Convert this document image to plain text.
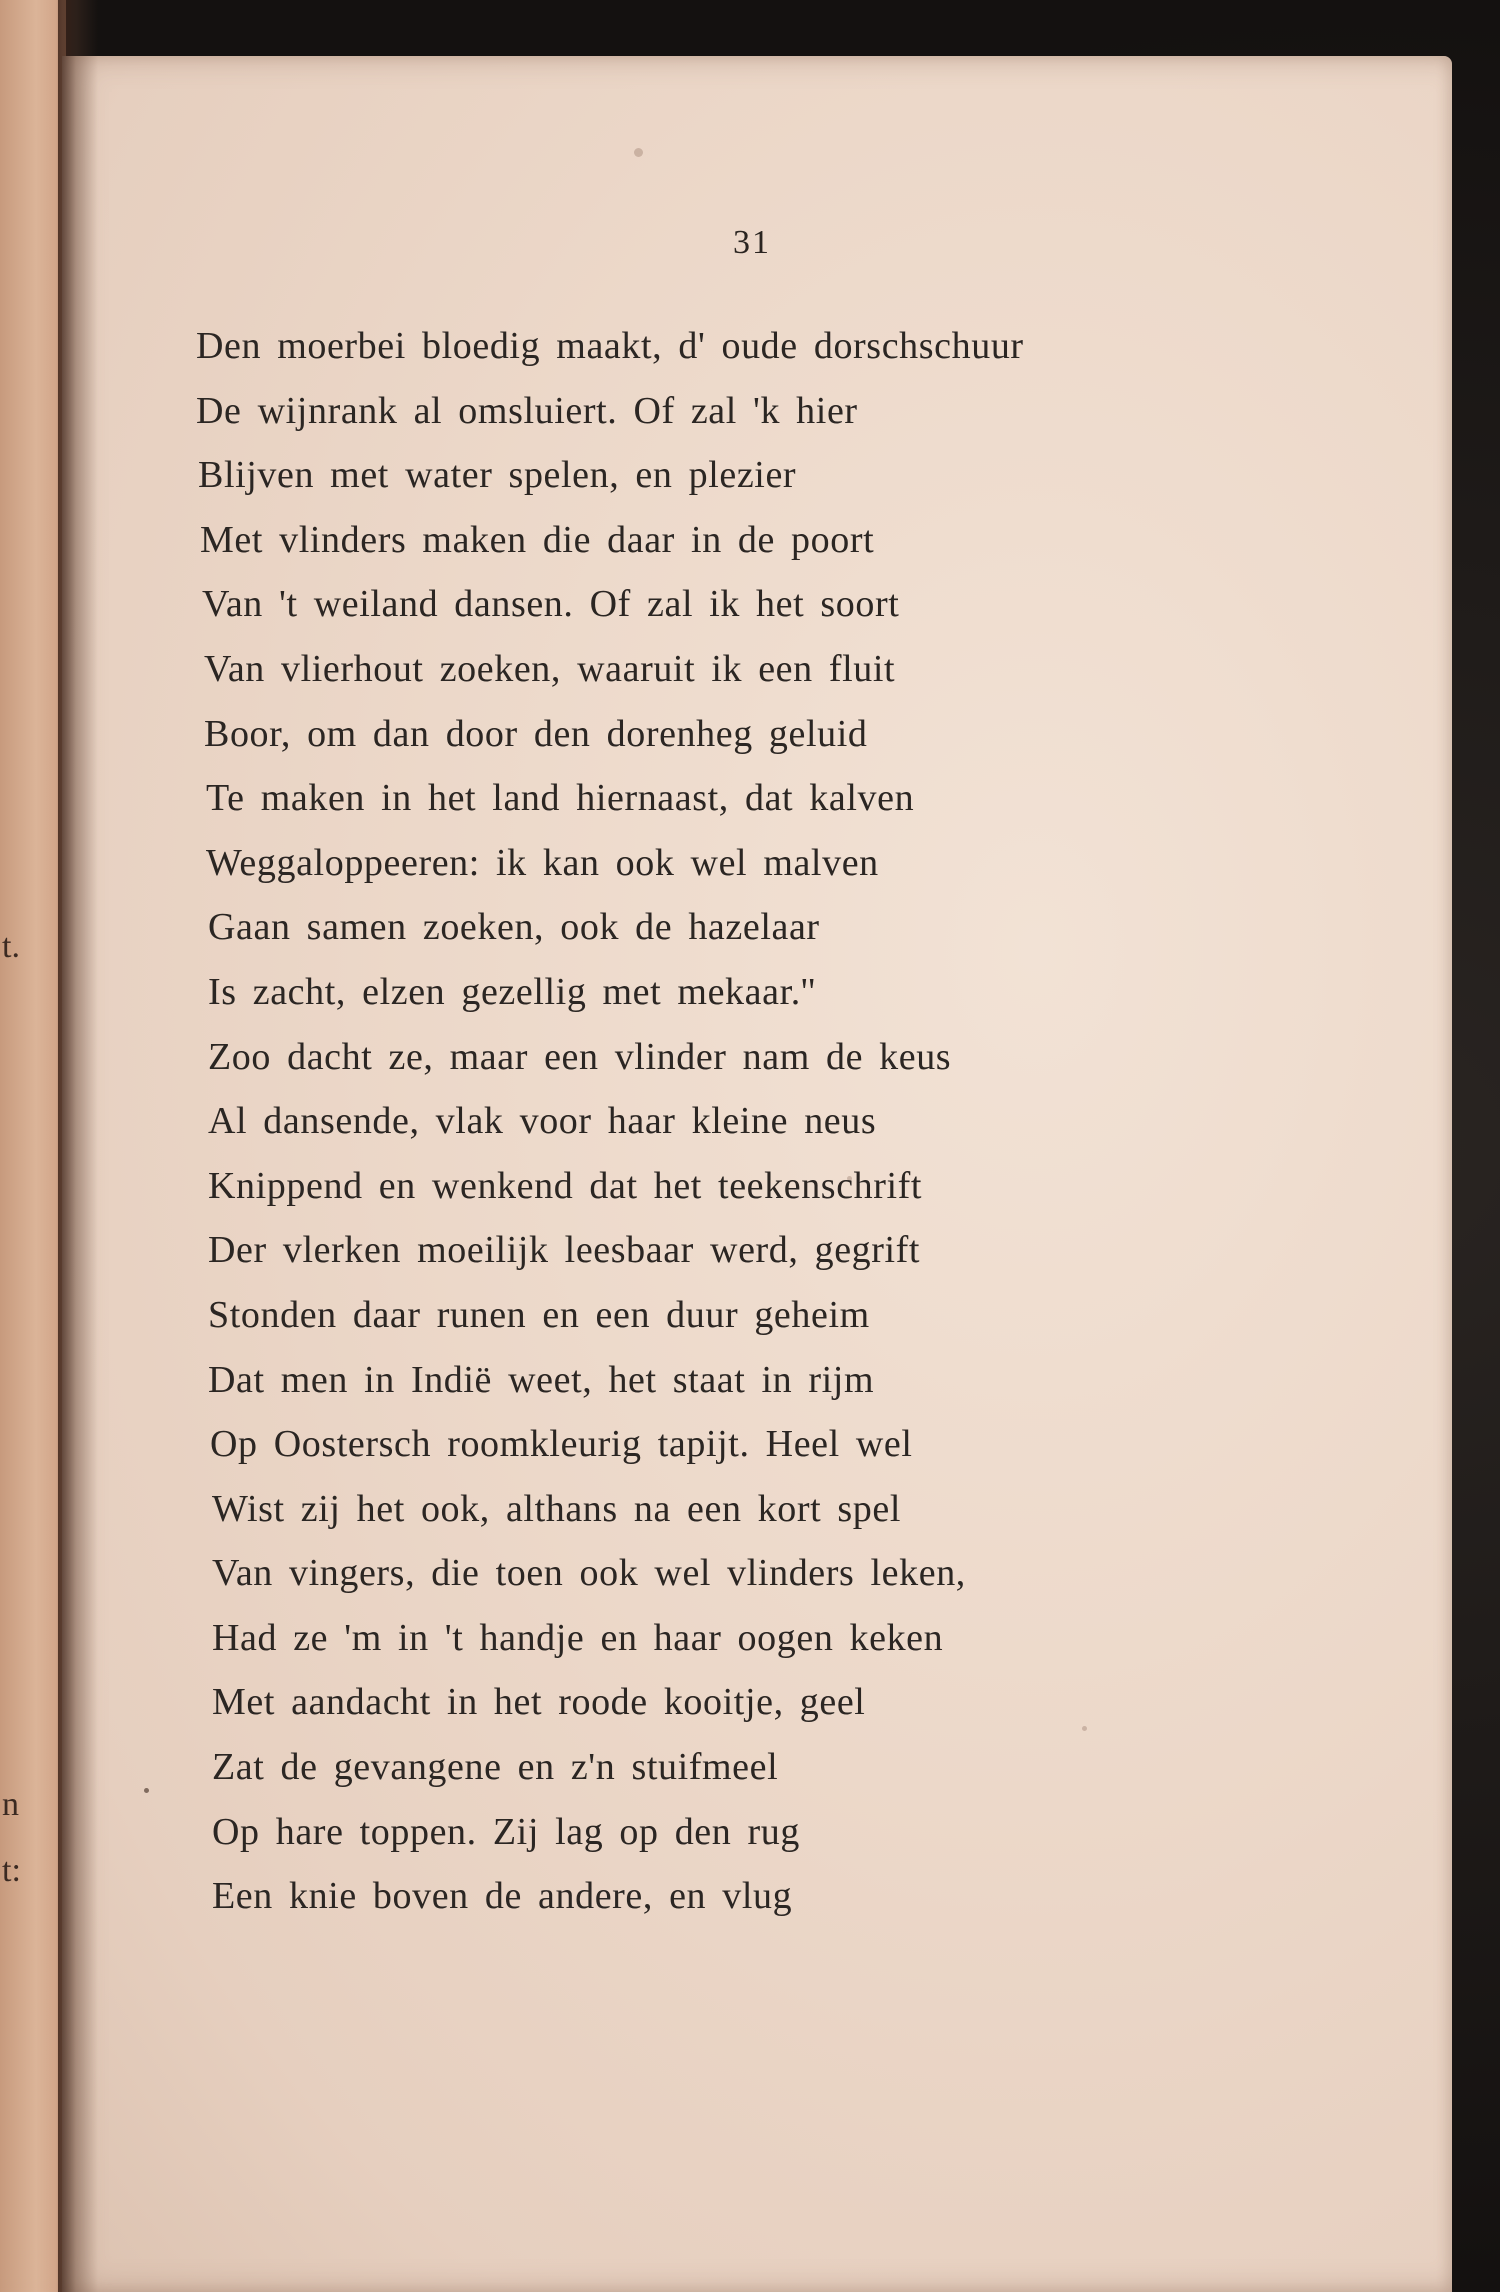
t.
n
t:
31
Den moerbei bloedig maakt, d' oude dorschschuur
De wijnrank al omsluiert. Of zal 'k hier
Blijven met water spelen, en plezier
Met vlinders maken die daar in de poort
Van 't weiland dansen. Of zal ik het soort
Van vlierhout zoeken, waaruit ik een fluit
Boor, om dan door den dorenheg geluid
Te maken in het land hiernaast, dat kalven
Weggaloppeeren: ik kan ook wel malven
Gaan samen zoeken, ook de hazelaar
Is zacht, elzen gezellig met mekaar.''
Zoo dacht ze, maar een vlinder nam de keus
Al dansende, vlak voor haar kleine neus
Knippend en wenkend dat het teekenschrift
Der vlerken moeilijk leesbaar werd, gegrift
Stonden daar runen en een duur geheim
Dat men in Indië weet, het staat in rijm
Op Oostersch roomkleurig tapijt. Heel wel
Wist zij het ook, althans na een kort spel
Van vingers, die toen ook wel vlinders leken,
Had ze 'm in 't handje en haar oogen keken
Met aandacht in het roode kooitje, geel
Zat de gevangene en z'n stuifmeel
Op hare toppen. Zij lag op den rug
Een knie boven de andere, en vlug
